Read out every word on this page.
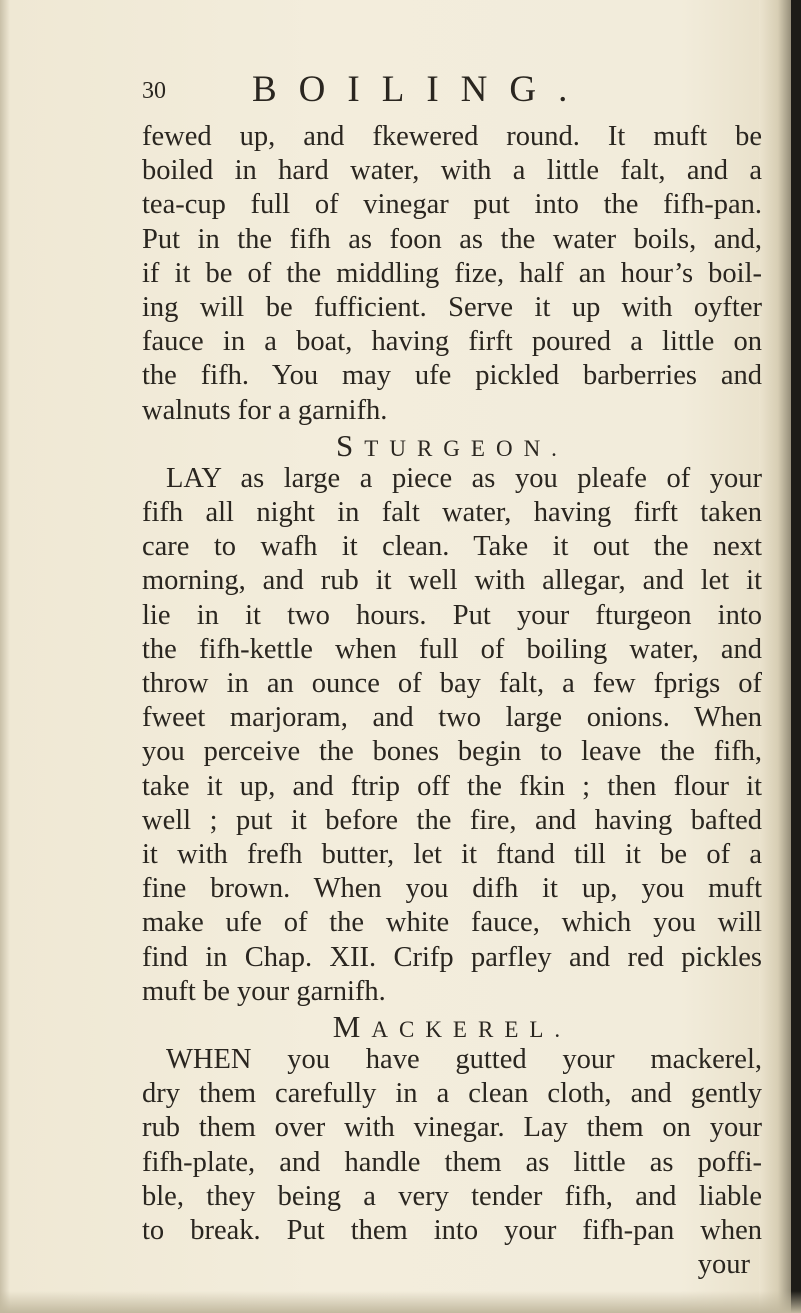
30 BOILING.
fewed up, and fkewered round. It muft be
boiled in hard water, with a little falt, and a
tea-cup full of vinegar put into the fifh-pan.
Put in the fifh as foon as the water boils, and,
if it be of the middling fize, half an hour’s boil-
ing will be fufficient. Serve it up with oyfter
fauce in a boat, having firft poured a little on
the fifh. You may ufe pickled barberries and
walnuts for a garnifh.
STURGEON.
LAY as large a piece as you pleafe of your
fifh all night in falt water, having firft taken
care to wafh it clean. Take it out the next
morning, and rub it well with allegar, and let it
lie in it two hours. Put your fturgeon into
the fifh-kettle when full of boiling water, and
throw in an ounce of bay falt, a few fprigs of
fweet marjoram, and two large onions. When
you perceive the bones begin to leave the fifh,
take it up, and ftrip off the fkin ; then flour it
well ; put it before the fire, and having bafted
it with frefh butter, let it ftand till it be of a
fine brown. When you difh it up, you muft
make ufe of the white fauce, which you will
find in Chap. XII. Crifp parfley and red pickles
muft be your garnifh.
MACKEREL.
WHEN you have gutted your mackerel,
dry them carefully in a clean cloth, and gently
rub them over with vinegar. Lay them on your
fifh-plate, and handle them as little as poffi-
ble, they being a very tender fifh, and liable
to break. Put them into your fifh-pan when
your
